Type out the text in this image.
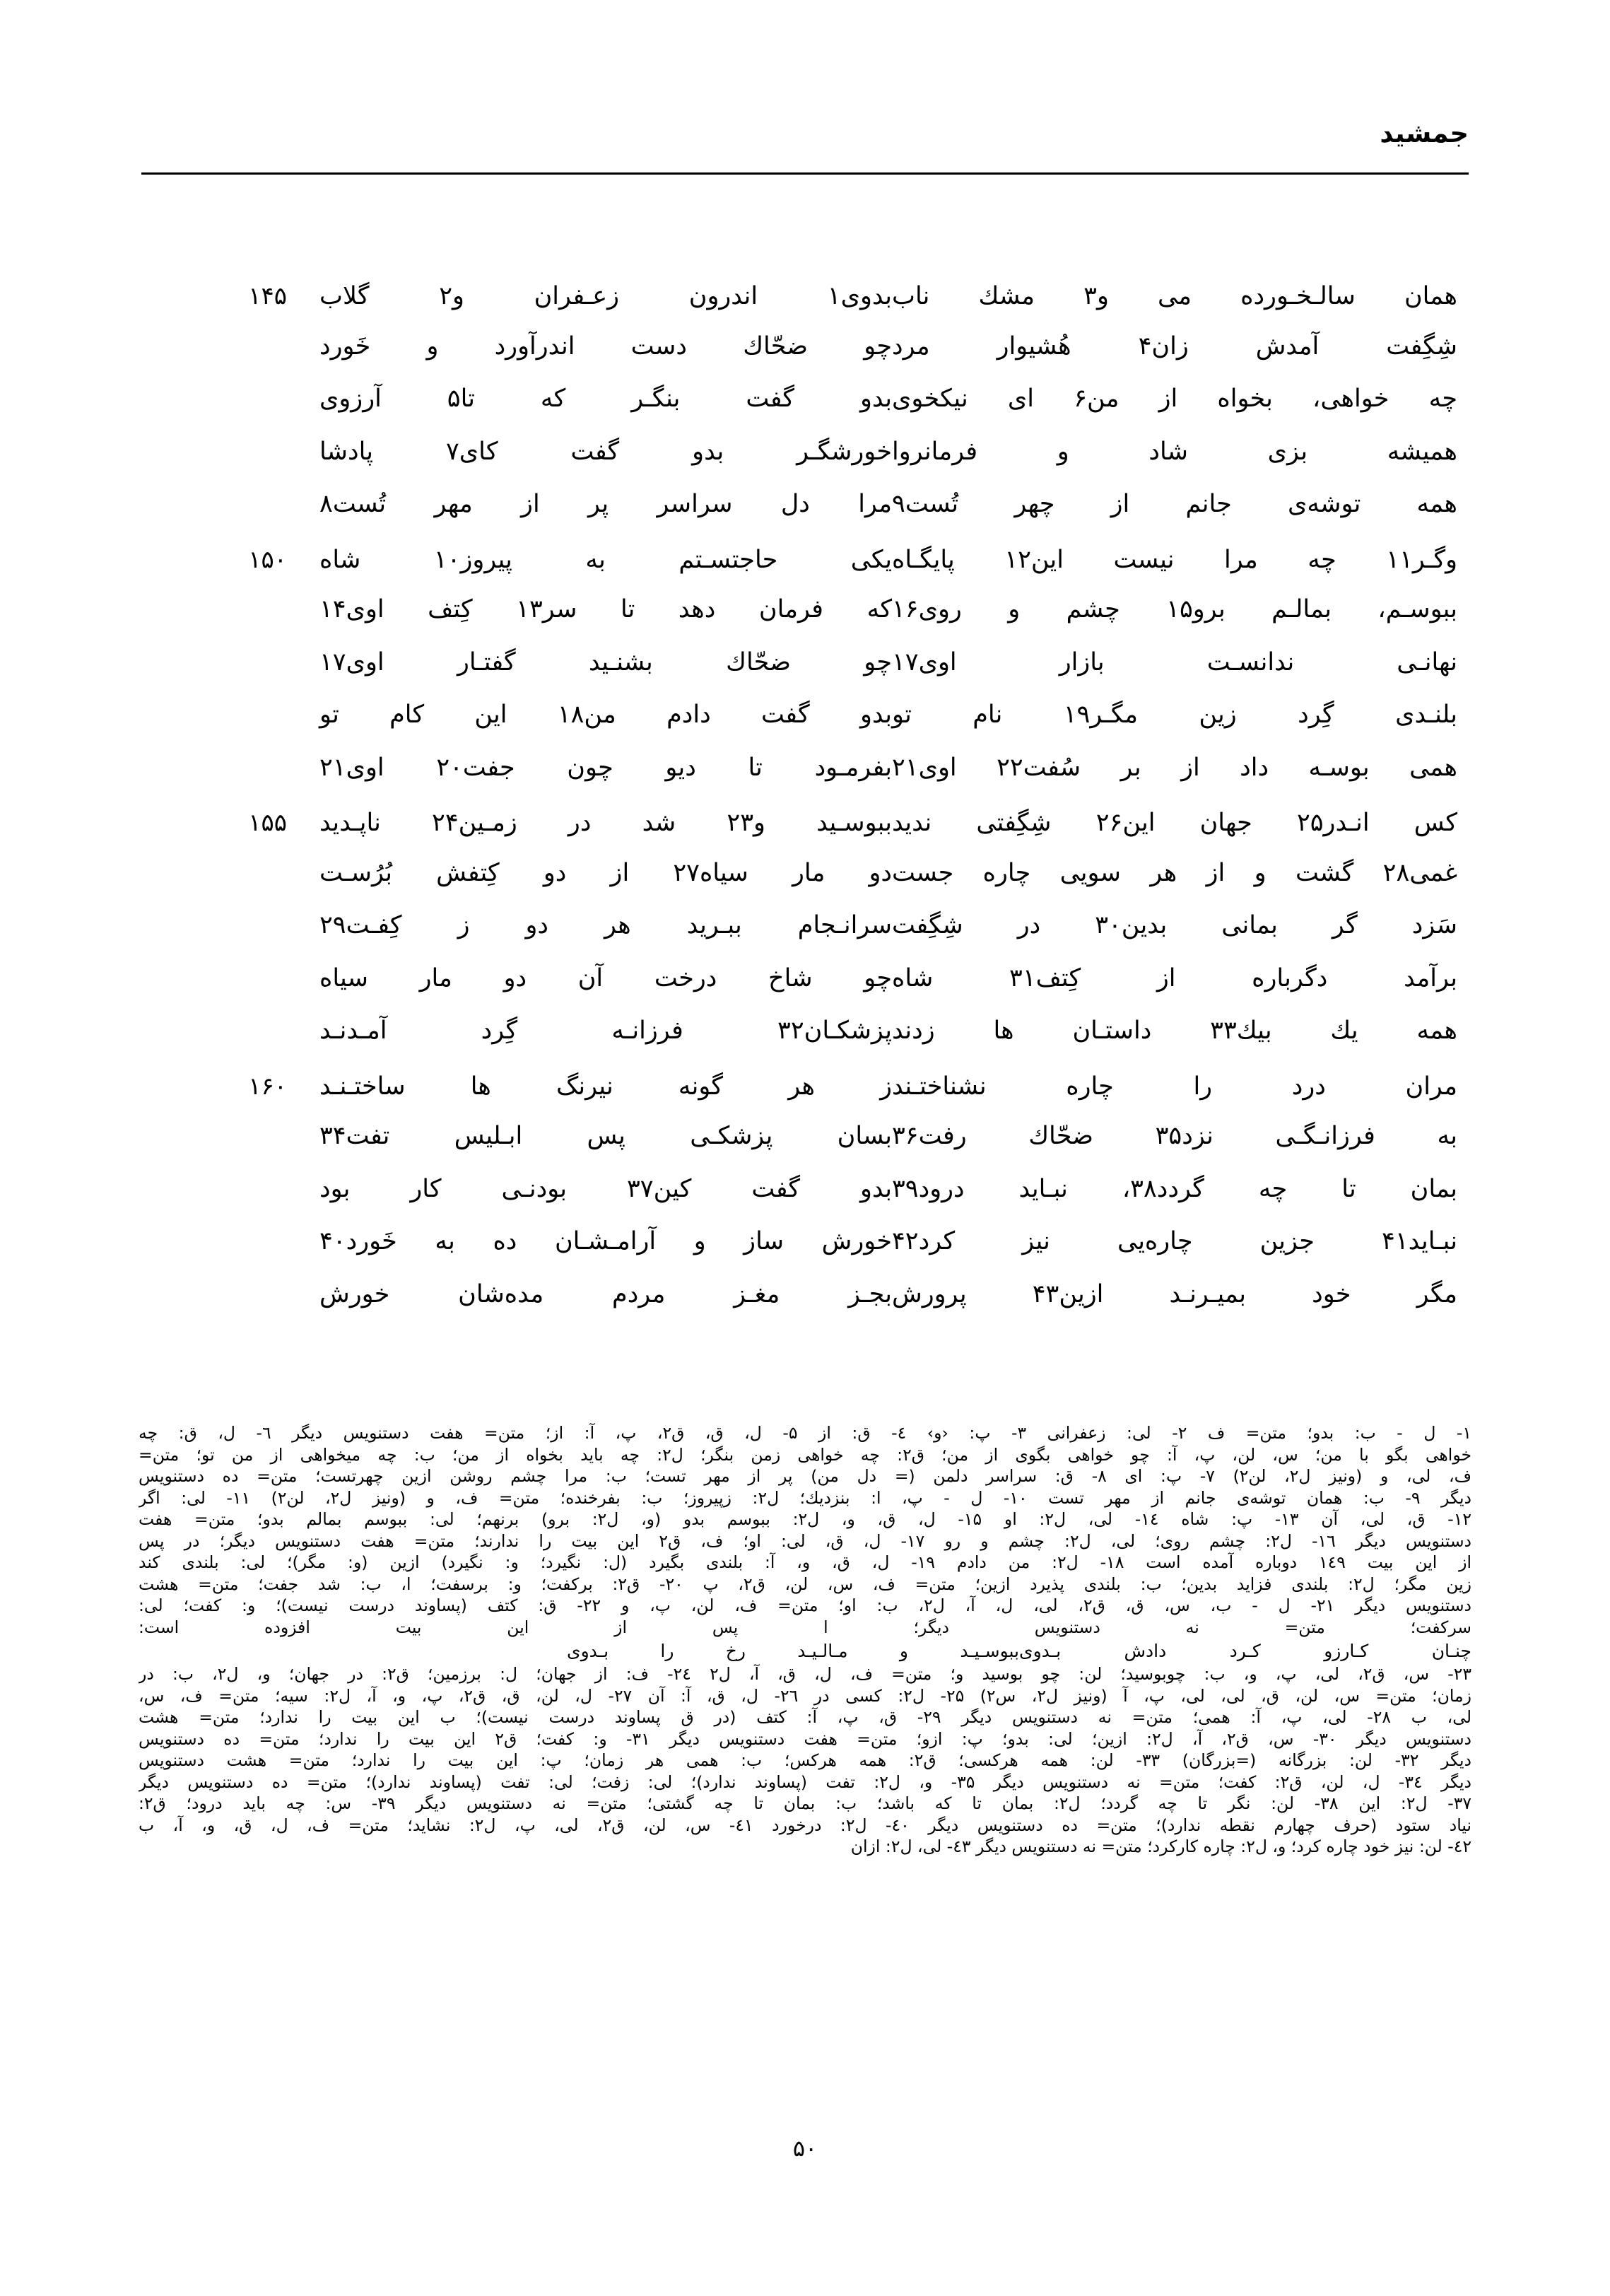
جمشید
همان سالـخـورده می و۳ مشك ناب
بدوی۱ اندرون زعـفران و۲ گلاب
۱۴۵
شِگِفت آمدش زان۴ هُشیوار مرد
چو ضحّاك دست اندرآورد و خَورد
چه خواهی، بخواه از من۶ ای نیكخوی
بدو گفت بنگـر كه تا۵ آرزوی
همیشه بزی شاد و فرمانروا
خورشگـر بدو گفت كای۷ پادشا
همه توشه‌ی جانم از چهر تُست۹
مرا دل سراسر پر از مهر تُست۸
وگـر۱۱ چه مرا نیست این۱۲ پایگـاه
یكی حاجتسـتم به پیروز۱۰ شاه
۱۵۰
ببوسـم، بمالـم برو۱۵ چشم و روی۱۶
كه فرمان دهد تا سر۱۳ كِتف اوی۱۴
نهانـی ندانسـت بازار اوی۱۷
چو ضحّاك بشنـید گفتـار اوی۱۷
بلنـدی گِرد زین مگـر۱۹ نام تو
بدو گفت دادم من۱۸ این كام تو
همی بوسـه داد از بر سُفت۲۲ اوی۲۱
بفرمـود تا دیو چون جفت۲۰ اوی۲۱
كس انـدر۲۵ جهان این۲۶ شِگِفتی ندید
ببوسـید و۲۳ شد در زمـین۲۴ ناپـدید
۱۵۵
غمی۲۸ گشت و از هر سویی چاره جست
دو مار سیاه۲۷ از دو كِتفش بُرُسـت
سَزد گر بمانی بدین۳۰ در شِگِفت
سرانـجام ببـرید هر دو ز كِفـت۲۹
برآمد دگرباره از كِتف۳۱ شاه
چو شاخ درخت آن دو مار سیاه
همه یك بیك۳۳ داستـان ها زدند
پزشكـان۳۲ فرزانـه گِرد آمـدنـد
مران درد را چاره نشناختـند
ز هر گونه نیرنگ ها ساختـنـد
۱۶۰
به فرزانـگـی نزد۳۵ ضحّاك رفت۳۶
بسان پزشكـی پس ابـلیس تفت۳۴
بمان تا چه گردد۳۸، نبـاید درود۳۹
بدو گفت كین۳۷ بودنـی كار بود
نبـاید۴۱ جزین چاره‌یی نیز كرد۴۲
خورش ساز و آرامـشـان ده به خَورد۴۰
مگر خود بمیـرنـد ازین۴۳ پرورش
بجـز مغـز مردم مده‌شان خورش
۱- ل - ب: بدو؛ متن= ف ۲- لی: زعفرانی ۳- پ: ‹و› ٤- ق: از ۵- ل، ق، ق۲، پ، آ: از؛ متن= هفت دستنویس دیگر ٦- ل، ق: چه
خواهی بگو با من؛ س، لن، پ، آ: چو خواهی بگوی از من؛ ق۲: چه خواهی زمن بنگر؛ ل۲: چه باید بخواه از من؛ ب: چه میخواهی از من تو؛ متن=
ف، لی، و (ونیز ل۲، لن۲) ۷- پ: ای ۸- ق: سراسر دلمن (= دل من) پر از مهر تست؛ ب: مرا چشم روشن ازین چهرتست؛ متن= ده دستنویس
دیگر ۹- ب: همان توشه‌ی جانم از مهر تست ۱۰- ل - پ، ا: بنزدیك؛ ل۲: زپیروز؛ ب: بفرخنده؛ متن= ف، و (ونیز ل۲، لن۲) ۱۱- لی: اگر
۱۲- ق، لی، آن ۱۳- پ: شاه ۱٤- لی، ل۲: او ۱۵- ل، ق، و، ل۲: ببوسم بدو (و، ل۲: برو) برنهم؛ لی: ببوسم بمالم بدو؛ متن= هفت
دستنویس دیگر ۱٦- ل۲: چشم روی؛ لی، ل۲: چشم و رو ۱۷- ل، ق، لی: او؛ ف، ق۲ این بیت را ندارند؛ متن= هفت دستنویس دیگر؛ در پس
از این بیت ۱٤۹ دوباره آمده است ۱۸- ل۲: من دادم ۱۹- ل، ق، و، آ: بلندی بگیرد (ل: نگیرد؛ و: نگیرد) ازین (و: مگر)؛ لی: بلندی كند
زین مگر؛ ل۲: بلندی فزاید بدین؛ ب: بلندی پذیرد ازین؛ متن= ف، س، لن، ق۲، پ ۲۰- ق۲: بركفت؛ و: برسفت؛ ا، ب: شد جفت؛ متن= هشت
دستنویس دیگر ۲۱- ل - ب، س، ق، ق۲، لی، ل، آ، ل۲، ب: او؛ متن= ف، لن، پ، و ۲۲- ق: كتف (پساوند درست نیست)؛ و: كفت؛ لی:
سركفت؛ متن= نه دستنویس دیگر؛ ا پس از این بیت افزوده است:
چنـان كـارزو كـرد دادش بـدویببوسـیـد و مـالـیـد رخ را بـدوی
۲۳- س، ق۲، لی، پ، و، ب: چوبوسید؛ لن: چو بوسید و؛ متن= ف، ل، ق، آ، ل۲ ۲٤- ف: از جهان؛ ل: برزمین؛ ق۲: در جهان؛ و، ل۲، ب: در
زمان؛ متن= س، لن، ق، لی، لی، پ، آ (ونیز ل۲، س۲) ۲۵- ل۲: كسی در ۲٦- ل، ق، آ: آن ۲۷- ل، لن، ق، ق۲، پ، و، آ، ل۲: سیه؛ متن= ف، س،
لی، ب ۲۸- لی، پ، آ: همی؛ متن= نه دستنویس دیگر ۲۹- ق، پ، آ: كتف (در ق پساوند درست نیست)؛ ب این بیت را ندارد؛ متن= هشت
دستنویس دیگر ۳۰- س، ق۲، آ، ل۲: ازین؛ لی: بدو؛ پ: ازو؛ متن= هفت دستنویس دیگر ۳۱- و: كفت؛ ق۲ این بیت را ندارد؛ متن= ده دستنویس
دیگر ۳۲- لن: بزرگانه (=بزرگان) ۳۳- لن: همه هركسی؛ ق۲: همه هركس؛ ب: همی هر زمان؛ پ: این بیت را ندارد؛ متن= هشت دستنویس
دیگر ۳٤- ل، لن، ق۲: كفت؛ متن= نه دستنویس دیگر ۳۵- و، ل۲: تفت (پساوند ندارد)؛ لی: زفت؛ لی: تفت (پساوند ندارد)؛ متن= ده دستنویس دیگر
۳۷- ل۲: این ۳۸- لن: نگر تا چه گردد؛ ل۲: بمان تا كه باشد؛ ب: بمان تا چه گشتی؛ متن= نه دستنویس دیگر ۳۹- س: چه باید درود؛ ق۲:
نیاد ستود (حرف چهارم نقطه ندارد)؛ متن= ده دستنویس دیگر ٤۰- ل۲: درخورد ٤۱- س، لن، ق۲، لی، پ، ل۲: نشاید؛ متن= ف، ل، ق، و، آ، ب
٤۲- لن: نیز خود چاره كرد؛ و، ل۲: چاره كاركرد؛ متن= نه دستنویس دیگر ٤۳- لی، ل۲: ازان
۵۰
